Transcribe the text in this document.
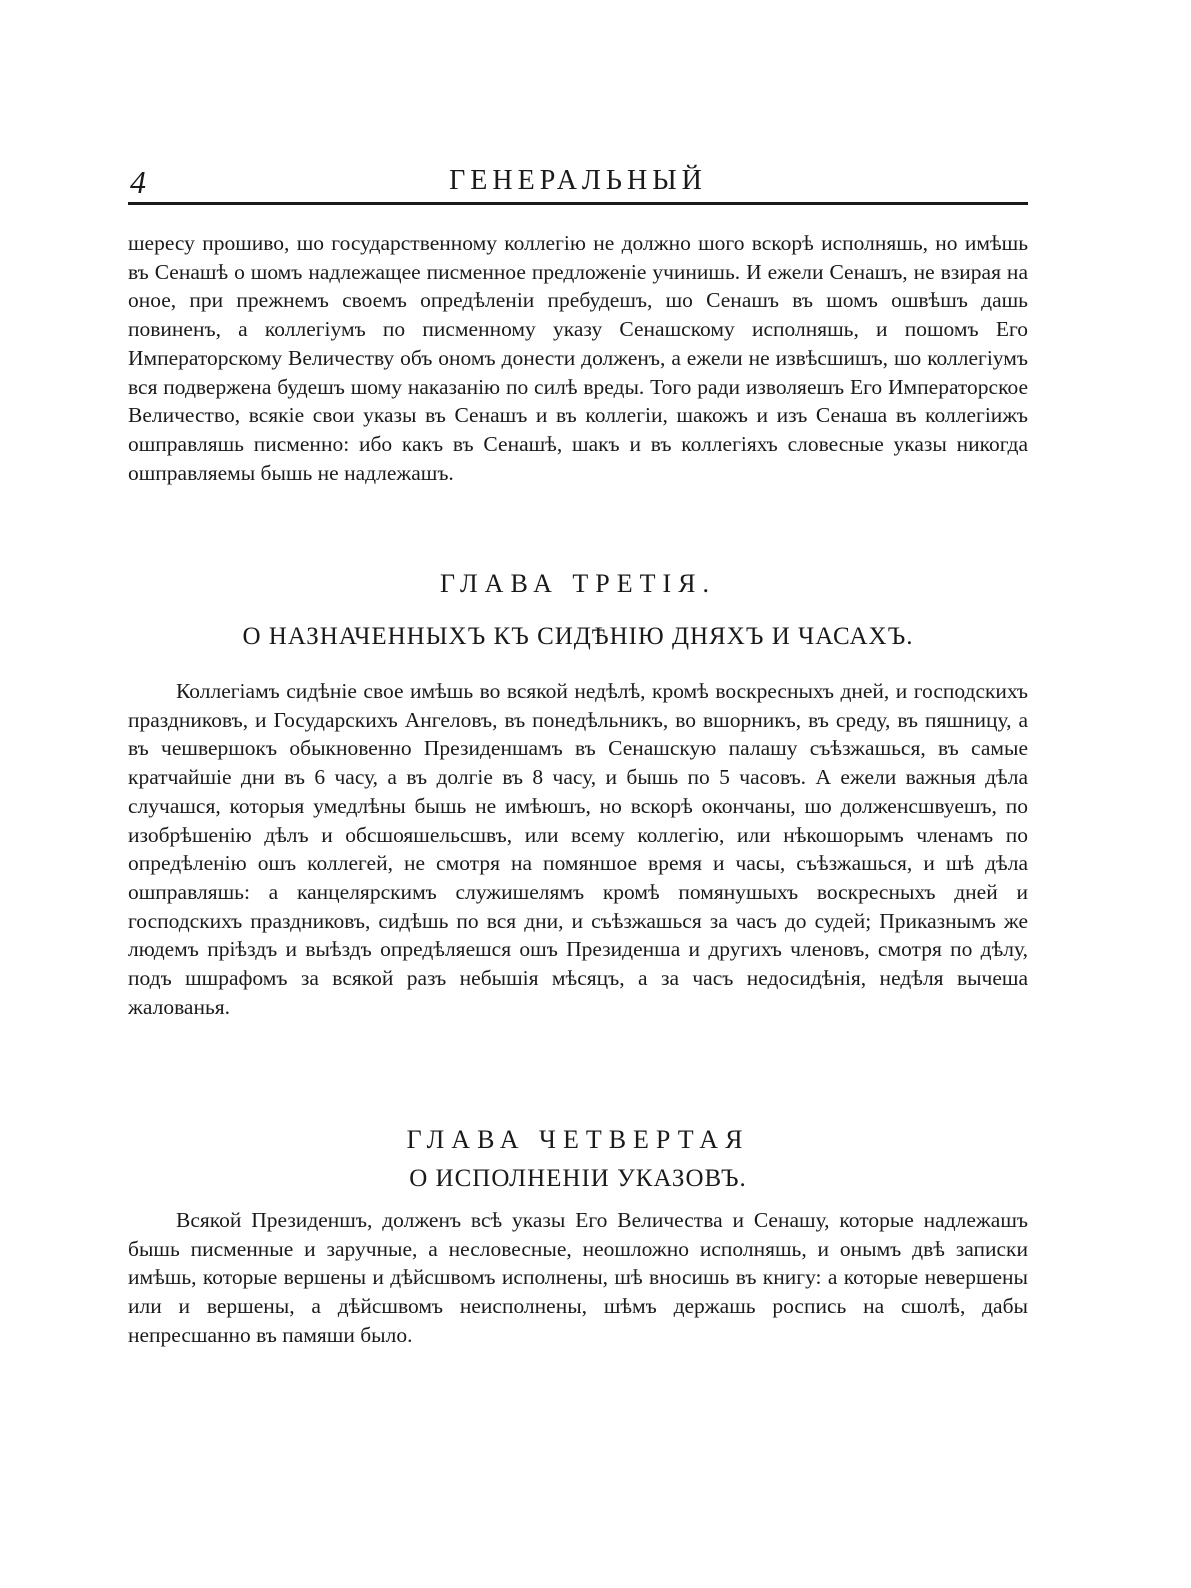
4	ГЕНЕРАЛЬНЫЙ

шересу прошиво, шо государственному коллегію не должно шого вскорѣ исполняшь, но имѣшь въ Сенашѣ о шомъ надлежащее писменное предложеніе учинишь. И ежели Сенашъ, не взирая на оное, при прежнемъ своемъ опредѣленіи пребудешъ, шо Сенашъ въ шомъ ошвѣшъ дашь повиненъ, а коллегіумъ по писменному указу Сенашскому исполняшь, и пошомъ Его Императорскому Величеству объ ономъ донести долженъ, а ежели не извѣсшишъ, шо коллегіумъ вся подвержена будешъ шому наказанію по силѣ вреды. Того ради изволяешъ Его Императорское Величество, всякіе свои указы въ Сенашъ и въ коллегіи, шакожъ и изъ Сенаша въ коллегіижъ ошправляшь писменно: ибо какъ въ Сенашѣ, шакъ и въ коллегіяхъ словесные указы никогда ошправляемы бышь не надлежашъ.

ГЛАВА ТРЕТІЯ.
О НАЗНАЧЕННЫХЪ КЪ СИДѢНІЮ ДНЯХЪ И ЧАСАХЪ.

Коллегіамъ сидѣніе свое имѣшь во всякой недѣлѣ, кромѣ воскресныхъ дней, и господскихъ праздниковъ, и Государскихъ Ангеловъ, въ понедѣльникъ, во вшорникъ, въ среду, въ пяшницу, а въ чешвершокъ обыкновенно Президеншамъ въ Сенашскую палашу съѣзжашься, въ самые кратчайшіе дни въ 6 часу, а въ долгіе въ 8 часу, и бышь по 5 часовъ. А ежели важныя дѣла случашся, которыя умедлѣны бышь не имѣюшъ, но вскорѣ окончаны, шо долженсшвуешъ, по изобрѣшенію дѣлъ и обсшояшельсшвъ, или всему коллегію, или нѣкошорымъ членамъ по опредѣленію ошъ коллегей, не смотря на помяншое время и часы, съѣзжашься, и шѣ дѣла ошправляшь: а канцелярскимъ служишелямъ кромѣ помянушыхъ воскресныхъ дней и господскихъ праздниковъ, сидѣшь по вся дни, и съѣзжашься за часъ до судей; Приказнымъ же людемъ пріѣздъ и выѣздъ опредѣляешся ошъ Президенша и другихъ членовъ, смотря по дѣлу, подъ шшрафомъ за всякой разъ небышія мѣсяцъ, а за часъ недосидѣнія, недѣля вычеша жалованья.

ГЛАВА ЧЕТВЕРТАЯ
О ИСПОЛНЕНІИ УКАЗОВЪ.

Всякой Президеншъ, долженъ всѣ указы Его Величества и Сенашу, которые надлежашъ бышь писменные и заручные, а несловесные, неошложно исполняшь, и онымъ двѣ записки имѣшь, которые вершены и дѣйсшвомъ исполнены, шѣ вносишь въ книгу: а которые невершены или и вершены, а дѣйсшвомъ неисполнены, шѣмъ держашь роспись на сшолѣ, дабы непресшанно въ памяши было.
